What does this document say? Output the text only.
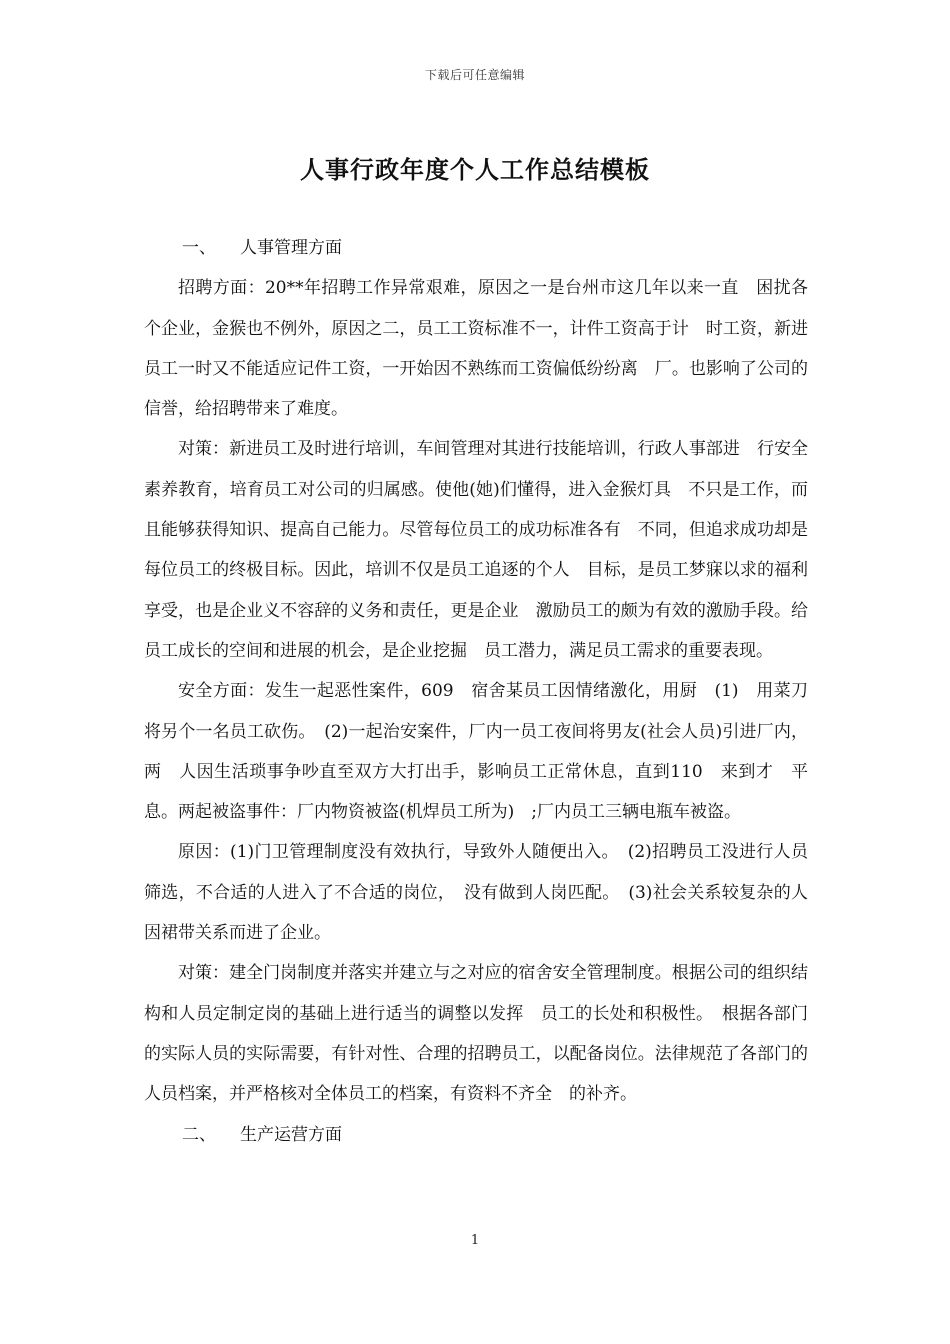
下载后可任意编辑
人事行政年度个人工作总结模板

一、 人事管理方面

招聘方面：20**年招聘工作异常艰难，原因之一是台州市这几年以来一直　困扰各个企业，金猴也不例外，原因之二，员工工资标准不一，计件工资高于计　时工资，新进员工一时又不能适应记件工资，一开始因不熟练而工资偏低纷纷离　厂。也影响了公司的信誉，给招聘带来了难度。

对策：新进员工及时进行培训，车间管理对其进行技能培训，行政人事部进　行安全素养教育，培育员工对公司的归属感。使他(她)们懂得，进入金猴灯具　不只是工作，而且能够获得知识、提高自己能力。尽管每位员工的成功标准各有　不同，但追求成功却是每位员工的终极目标。因此，培训不仅是员工追逐的个人　目标，是员工梦寐以求的福利享受，也是企业义不容辞的义务和责任，更是企业　激励员工的颇为有效的激励手段。给员工成长的空间和进展的机会，是企业挖掘　员工潜力，满足员工需求的重要表现。

安全方面：发生一起恶性案件，609　宿舍某员工因情绪激化，用厨　(1)　用菜刀将另个一名员工砍伤。　(2)一起治安案件，厂内一员工夜间将男友(社会人员)引进厂内，两　人因生活琐事争吵直至双方大打出手，影响员工正常休息，直到110　来到才　平息。两起被盗事件：厂内物资被盗(机焊员工所为)　;厂内员工三辆电瓶车被盗。

原因：(1)门卫管理制度没有效执行，导致外人随便出入。　(2)招聘员工没进行人员筛选，不合适的人进入了不合适的岗位，　没有做到人岗匹配。　(3)社会关系较复杂的人因裙带关系而进了企业。

对策：建全门岗制度并落实并建立与之对应的宿舍安全管理制度。根据公司的组织结构和人员定制定岗的基础上进行适当的调整以发挥　员工的长处和积极性。　根据各部门的实际人员的实际需要，有针对性、合理的招聘员工，以配备岗位。法律规范了各部门的人员档案，并严格核对全体员工的档案，有资料不齐全　的补齐。

二、 生产运营方面

1
